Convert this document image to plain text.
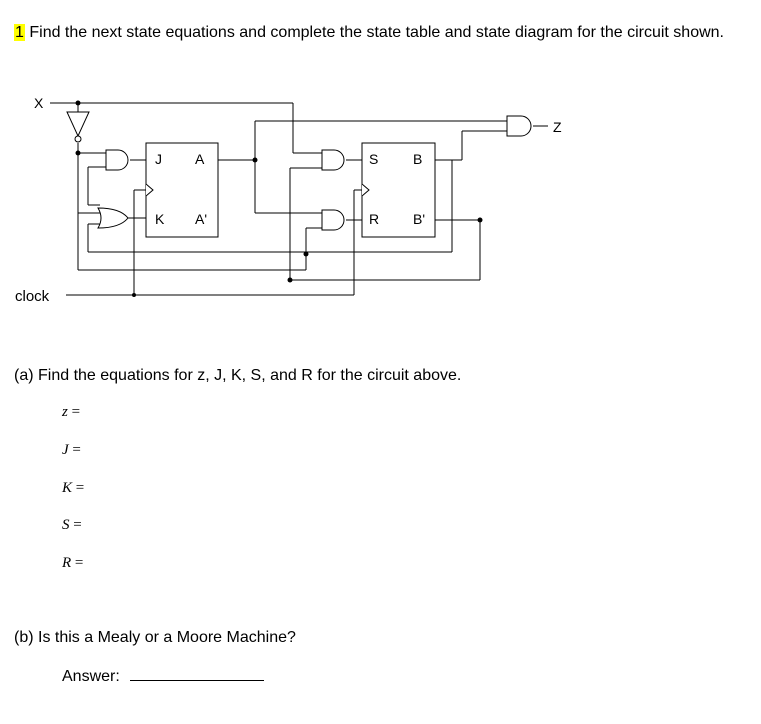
1 Find the next state equations and complete the state table and state diagram for the circuit shown.
X
Z
J A
K A'
S B
R B'
clock
(a) Find the equations for z, J, K, S, and R for the circuit above.
z =
J =
K =
S =
R =
(b) Is this a Mealy or a Moore Machine?
Answer:
